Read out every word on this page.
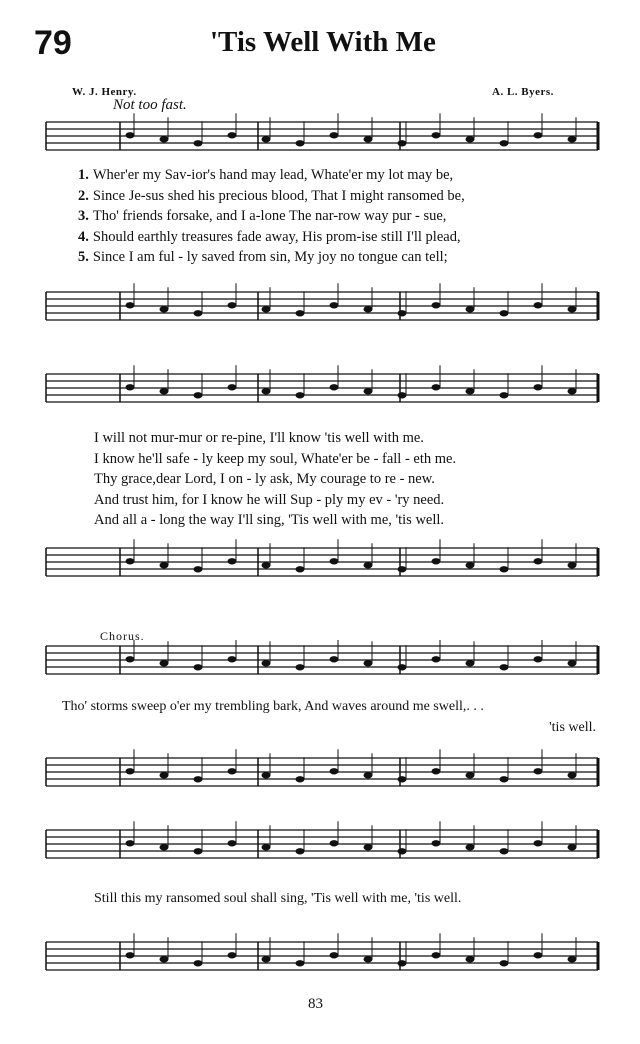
79	'Tis Well With Me
W. J. Henry.	A. L. Byers.
Not too fast.
1. Wher'er my Sav-ior's hand may lead, Whate'er my lot may be,
2. Since Je-sus shed his precious blood, That I might ransomed be,
3. Tho' friends forsake, and I a-lone The nar-row way pur - sue,
4. Should earthly treasures fade away, His prom-ise still I'll plead,
5. Since I am ful - ly saved from sin, My joy no tongue can tell;
I will not mur-mur or re-pine, I'll know 'tis well with me.
I know he'll safe - ly keep my soul, Whate'er be - fall - eth me.
Thy grace,dear Lord, I on - ly ask, My courage to re - new.
And trust him, for I know he will Sup - ply my ev - 'ry need.
And all a - long the way I'll sing, 'Tis well with me, 'tis well.
Chorus.
Tho' storms sweep o'er my trembling bark, And waves around me swell,. . .
'tis well.
Still this my ransomed soul shall sing, 'Tis well with me, 'tis well.
83
